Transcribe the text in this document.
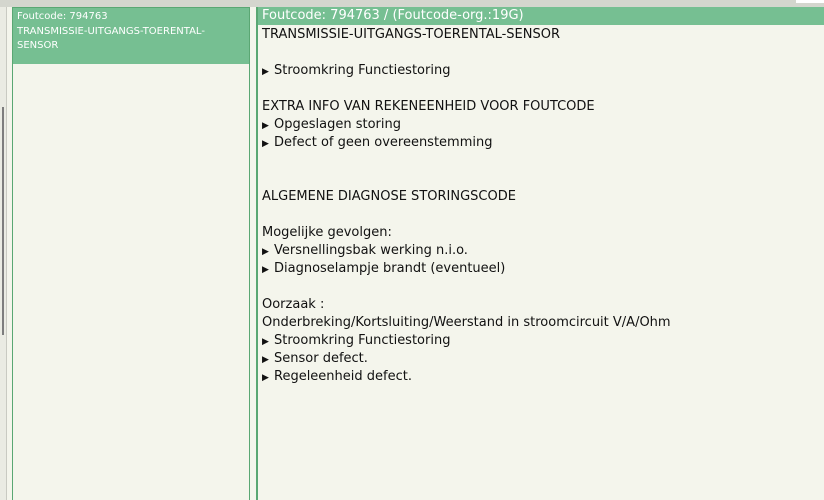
Foutcode: 794763
TRANSMISSIE-UITGANGS-TOERENTAL-
SENSOR
Foutcode: 794763 / (Foutcode-org.:19G)
TRANSMISSIE-UITGANGS-TOERENTAL-SENSOR
▶ Stroomkring Functiestoring
EXTRA INFO VAN REKENEENHEID VOOR FOUTCODE
▶ Opgeslagen storing
▶ Defect of geen overeenstemming
ALGEMENE DIAGNOSE STORINGSCODE
Mogelijke gevolgen:
▶ Versnellingsbak werking n.i.o.
▶ Diagnoselampje brandt (eventueel)
Oorzaak :
Onderbreking/Kortsluiting/Weerstand in stroomcircuit V/A/Ohm
▶ Stroomkring Functiestoring
▶ Sensor defect.
▶ Regeleenheid defect.
